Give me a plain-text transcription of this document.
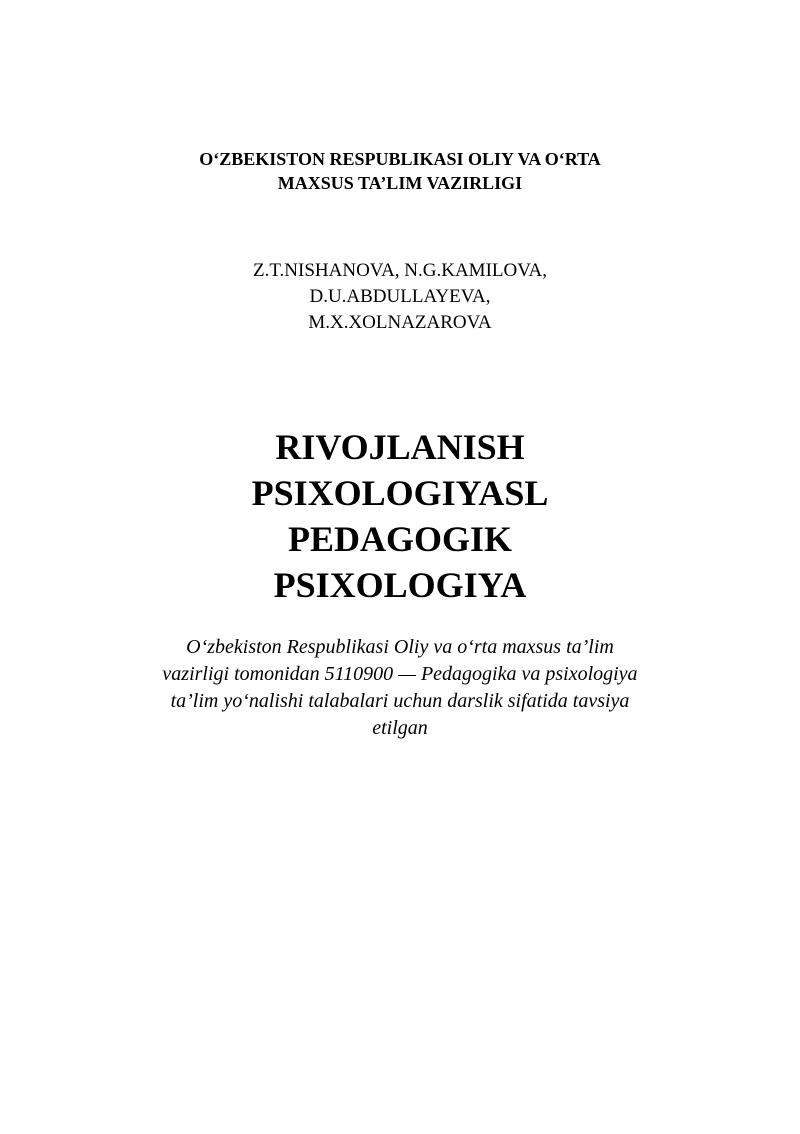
O‘ZBEKISTON RESPUBLIKASI OLIY VA O‘RTA
MAXSUS TA’LIM VAZIRLIGI
Z.T.NISHANOVA, N.G.KAMILOVA,
D.U.ABDULLAYEVA,
M.X.XOLNAZAROVA
RIVOJLANISH
PSIXOLOGIYASL
PEDAGOGIK
PSIXOLOGIYA
O‘zbekiston Respublikasi Oliy va o‘rta maxsus ta’lim
vazirligi tomonidan 5110900 — Pedagogika va psixologiya
ta’lim yo‘nalishi talabalari uchun darslik sifatida tavsiya
etilgan
